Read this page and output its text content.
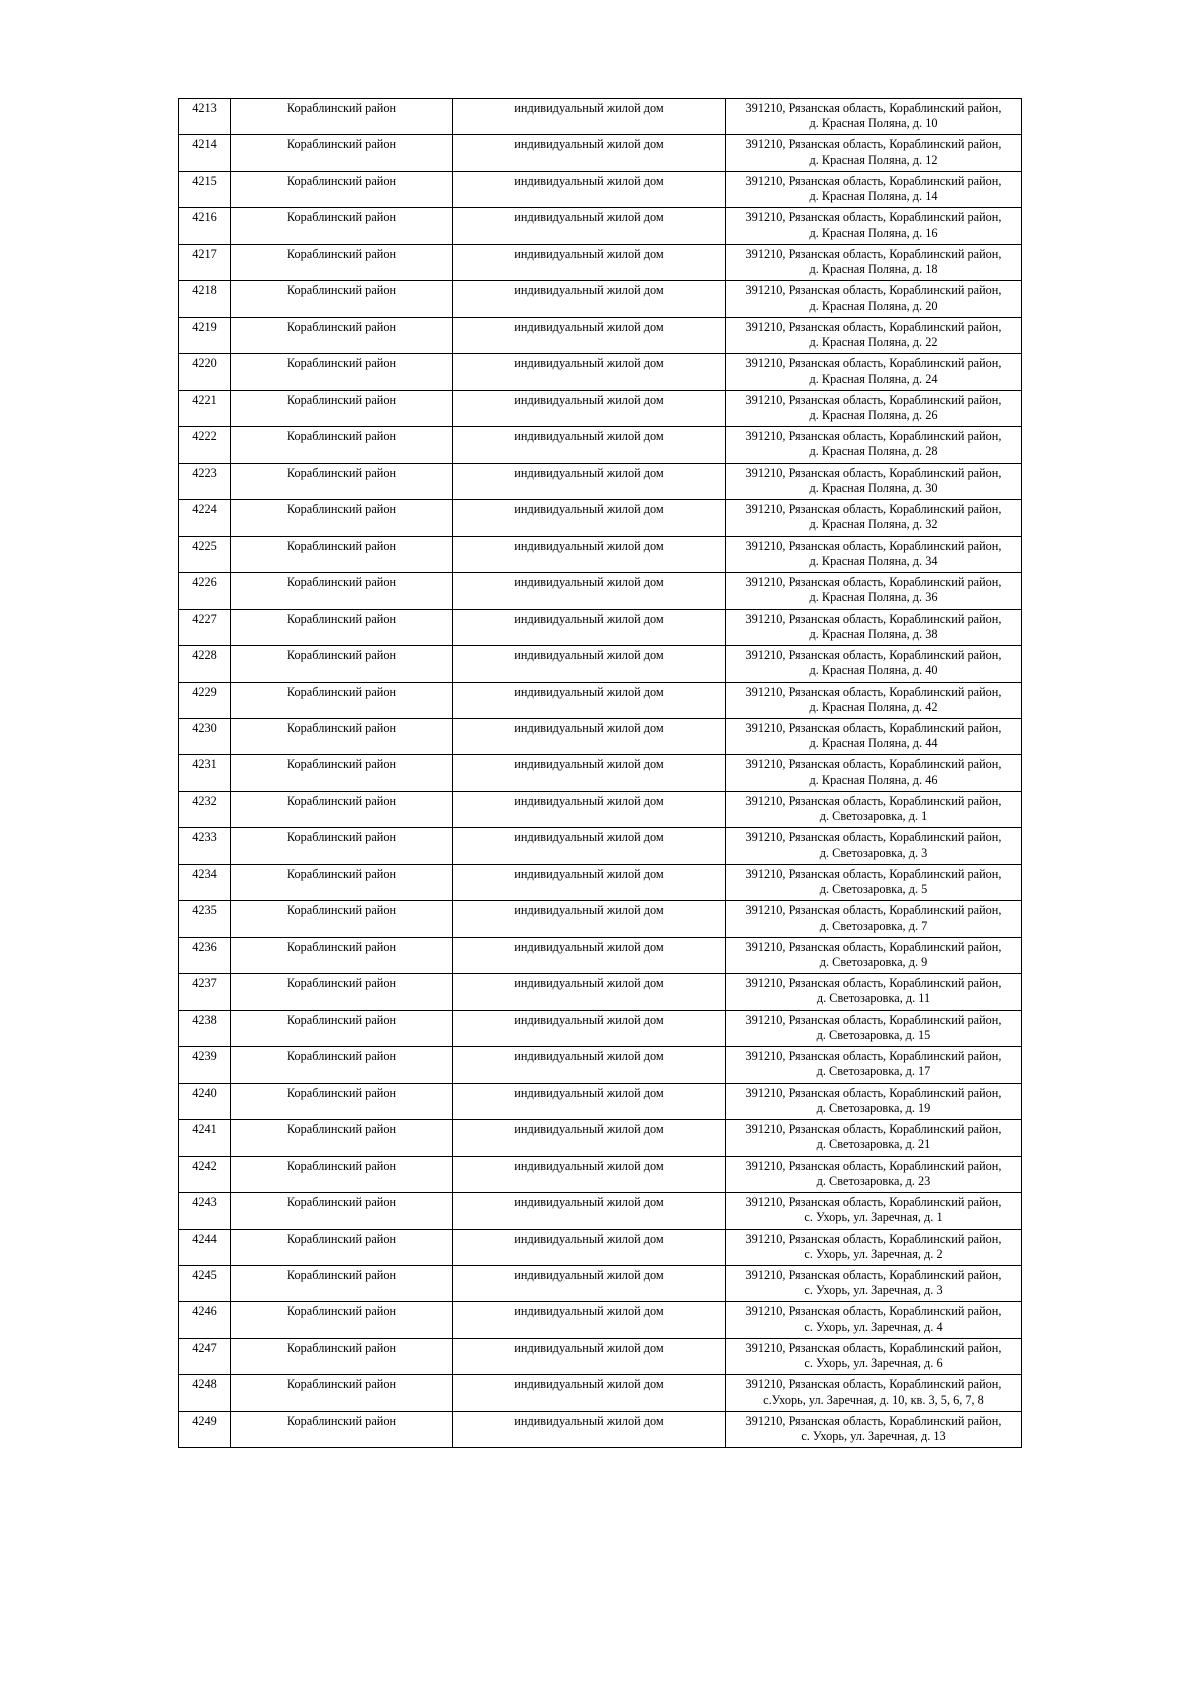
4213	Кораблинский район	индивидуальный жилой дом	391210, Рязанская область, Кораблинский район,
д. Красная Поляна, д. 10

4214	Кораблинский район	индивидуальный жилой дом	391210, Рязанская область, Кораблинский район,
д. Красная Поляна, д. 12

4215	Кораблинский район	индивидуальный жилой дом	391210, Рязанская область, Кораблинский район,
д. Красная Поляна, д. 14

4216	Кораблинский район	индивидуальный жилой дом	391210, Рязанская область, Кораблинский район,
д. Красная Поляна, д. 16

4217	Кораблинский район	индивидуальный жилой дом	391210, Рязанская область, Кораблинский район,
д. Красная Поляна, д. 18

4218	Кораблинский район	индивидуальный жилой дом	391210, Рязанская область, Кораблинский район,
д. Красная Поляна, д. 20

4219	Кораблинский район	индивидуальный жилой дом	391210, Рязанская область, Кораблинский район,
д. Красная Поляна, д. 22

4220	Кораблинский район	индивидуальный жилой дом	391210, Рязанская область, Кораблинский район,
д. Красная Поляна, д. 24

4221	Кораблинский район	индивидуальный жилой дом	391210, Рязанская область, Кораблинский район,
д. Красная Поляна, д. 26

4222	Кораблинский район	индивидуальный жилой дом	391210, Рязанская область, Кораблинский район,
д. Красная Поляна, д. 28

4223	Кораблинский район	индивидуальный жилой дом	391210, Рязанская область, Кораблинский район,
д. Красная Поляна, д. 30

4224	Кораблинский район	индивидуальный жилой дом	391210, Рязанская область, Кораблинский район,
д. Красная Поляна, д. 32

4225	Кораблинский район	индивидуальный жилой дом	391210, Рязанская область, Кораблинский район,
д. Красная Поляна, д. 34

4226	Кораблинский район	индивидуальный жилой дом	391210, Рязанская область, Кораблинский район,
д. Красная Поляна, д. 36

4227	Кораблинский район	индивидуальный жилой дом	391210, Рязанская область, Кораблинский район,
д. Красная Поляна, д. 38

4228	Кораблинский район	индивидуальный жилой дом	391210, Рязанская область, Кораблинский район,
д. Красная Поляна, д. 40

4229	Кораблинский район	индивидуальный жилой дом	391210, Рязанская область, Кораблинский район,
д. Красная Поляна, д. 42

4230	Кораблинский район	индивидуальный жилой дом	391210, Рязанская область, Кораблинский район,
д. Красная Поляна, д. 44

4231	Кораблинский район	индивидуальный жилой дом	391210, Рязанская область, Кораблинский район,
д. Красная Поляна, д. 46

4232	Кораблинский район	индивидуальный жилой дом	391210, Рязанская область, Кораблинский район,
д. Светозаровка, д. 1

4233	Кораблинский район	индивидуальный жилой дом	391210, Рязанская область, Кораблинский район,
д. Светозаровка, д. 3

4234	Кораблинский район	индивидуальный жилой дом	391210, Рязанская область, Кораблинский район,
д. Светозаровка, д. 5

4235	Кораблинский район	индивидуальный жилой дом	391210, Рязанская область, Кораблинский район,
д. Светозаровка, д. 7

4236	Кораблинский район	индивидуальный жилой дом	391210, Рязанская область, Кораблинский район,
д. Светозаровка, д. 9

4237	Кораблинский район	индивидуальный жилой дом	391210, Рязанская область, Кораблинский район,
д. Светозаровка, д. 11

4238	Кораблинский район	индивидуальный жилой дом	391210, Рязанская область, Кораблинский район,
д. Светозаровка, д. 15

4239	Кораблинский район	индивидуальный жилой дом	391210, Рязанская область, Кораблинский район,
д. Светозаровка, д. 17

4240	Кораблинский район	индивидуальный жилой дом	391210, Рязанская область, Кораблинский район,
д. Светозаровка, д. 19

4241	Кораблинский район	индивидуальный жилой дом	391210, Рязанская область, Кораблинский район,
д. Светозаровка, д. 21

4242	Кораблинский район	индивидуальный жилой дом	391210, Рязанская область, Кораблинский район,
д. Светозаровка, д. 23

4243	Кораблинский район	индивидуальный жилой дом	391210, Рязанская область, Кораблинский район,
с. Ухорь, ул. Заречная, д. 1

4244	Кораблинский район	индивидуальный жилой дом	391210, Рязанская область, Кораблинский район,
с. Ухорь, ул. Заречная, д. 2

4245	Кораблинский район	индивидуальный жилой дом	391210, Рязанская область, Кораблинский район,
с. Ухорь, ул. Заречная, д. 3

4246	Кораблинский район	индивидуальный жилой дом	391210, Рязанская область, Кораблинский район,
с. Ухорь, ул. Заречная, д. 4

4247	Кораблинский район	индивидуальный жилой дом	391210, Рязанская область, Кораблинский район,
с. Ухорь, ул. Заречная, д. 6

4248	Кораблинский район	индивидуальный жилой дом	391210, Рязанская область, Кораблинский район,
с.Ухорь, ул. Заречная, д. 10, кв. 3, 5, 6, 7, 8

4249	Кораблинский район	индивидуальный жилой дом	391210, Рязанская область, Кораблинский район,
с. Ухорь, ул. Заречная, д. 13
